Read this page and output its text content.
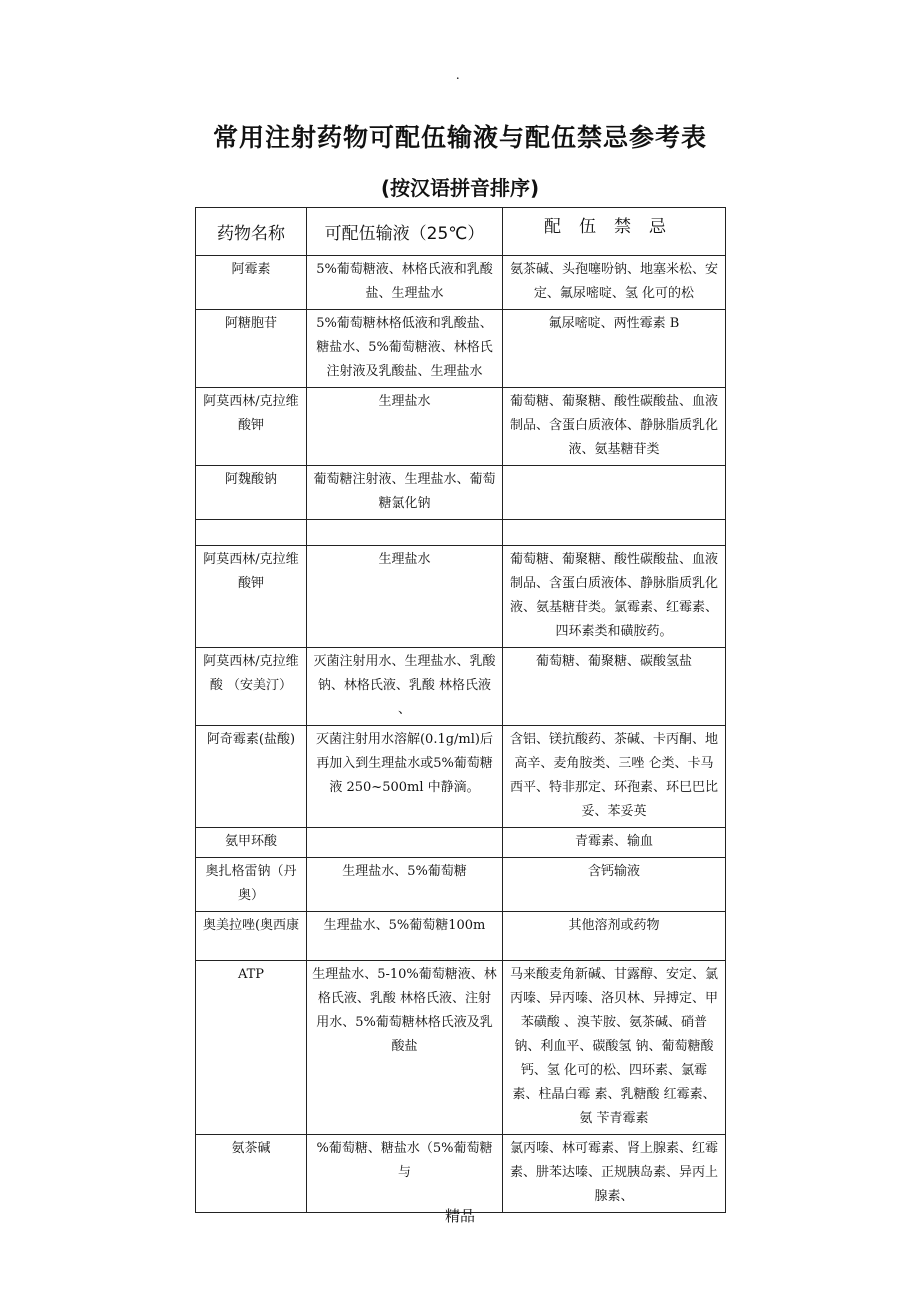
.
常用注射药物可配伍输液与配伍禁忌参考表
(按汉语拼音排序)
药物名称	可配伍输液（25℃）	配伍禁忌
阿霉素	5%葡萄糖液、林格氏液和乳酸盐、生理盐水	氨茶碱、头孢噻吩钠、地塞米松、安定、氟尿嘧啶、氢 化可的松
阿糖胞苷	5%葡萄糖林格低液和乳酸盐、糖盐水、5%葡萄糖液、林格氏注射液及乳酸盐、生理盐水	氟尿嘧啶、两性霉素 B
阿莫西林/克拉维酸钾	生理盐水	葡萄糖、葡聚糖、酸性碳酸盐、血液制品、含蛋白质液体、静脉脂质乳化液、氨基糖苷类
阿魏酸钠	葡萄糖注射液、生理盐水、葡萄糖氯化钠	

阿莫西林/克拉维酸钾	生理盐水	葡萄糖、葡聚糖、酸性碳酸盐、血液制品、含蛋白质液体、静脉脂质乳化液、氨基糖苷类。氯霉素、红霉素、四环素类和磺胺药。
阿莫西林/克拉维酸 （安美汀）	灭菌注射用水、生理盐水、乳酸钠、林格氏液、乳酸 林格氏液 、	葡萄糖、葡聚糖、碳酸氢盐
阿奇霉素(盐酸)	灭菌注射用水溶解(0.1g/ml)后再加入到生理盐水或5%葡萄糖液 250~500ml 中静滴。	含铝、镁抗酸药、茶碱、卡丙酮、地高辛、麦角胺类、三唑 仑类、卡马西平、特非那定、环孢素、环巳巴比妥、苯妥英
氨甲环酸		青霉素、输血
奥扎格雷钠（丹奥）	生理盐水、5%葡萄糖	含钙输液
奥美拉唑(奥西康	生理盐水、5%葡萄糖100m	其他溶剂或药物
ATP	生理盐水、5-10%葡萄糖液、林格氏液、乳酸 林格氏液、注射用水、5%葡萄糖林格氏液及乳酸盐	马来酸麦角新碱、甘露醇、安定、氯丙嗪、异丙嗪、洛贝林、异搏定、甲苯磺酸 、溴苄胺、氨茶碱、硝普钠、利血平、碳酸氢 钠、葡萄糖酸钙、氢 化可的松、四环素、氯霉素、柱晶白霉 素、乳糖酸 红霉素、氨 苄青霉素
氨茶碱	%葡萄糖、糖盐水（5%葡萄糖与	氯丙嗪、林可霉素、肾上腺素、红霉素、肼苯达嗪、正规胰岛素、异丙上腺素、
精品
